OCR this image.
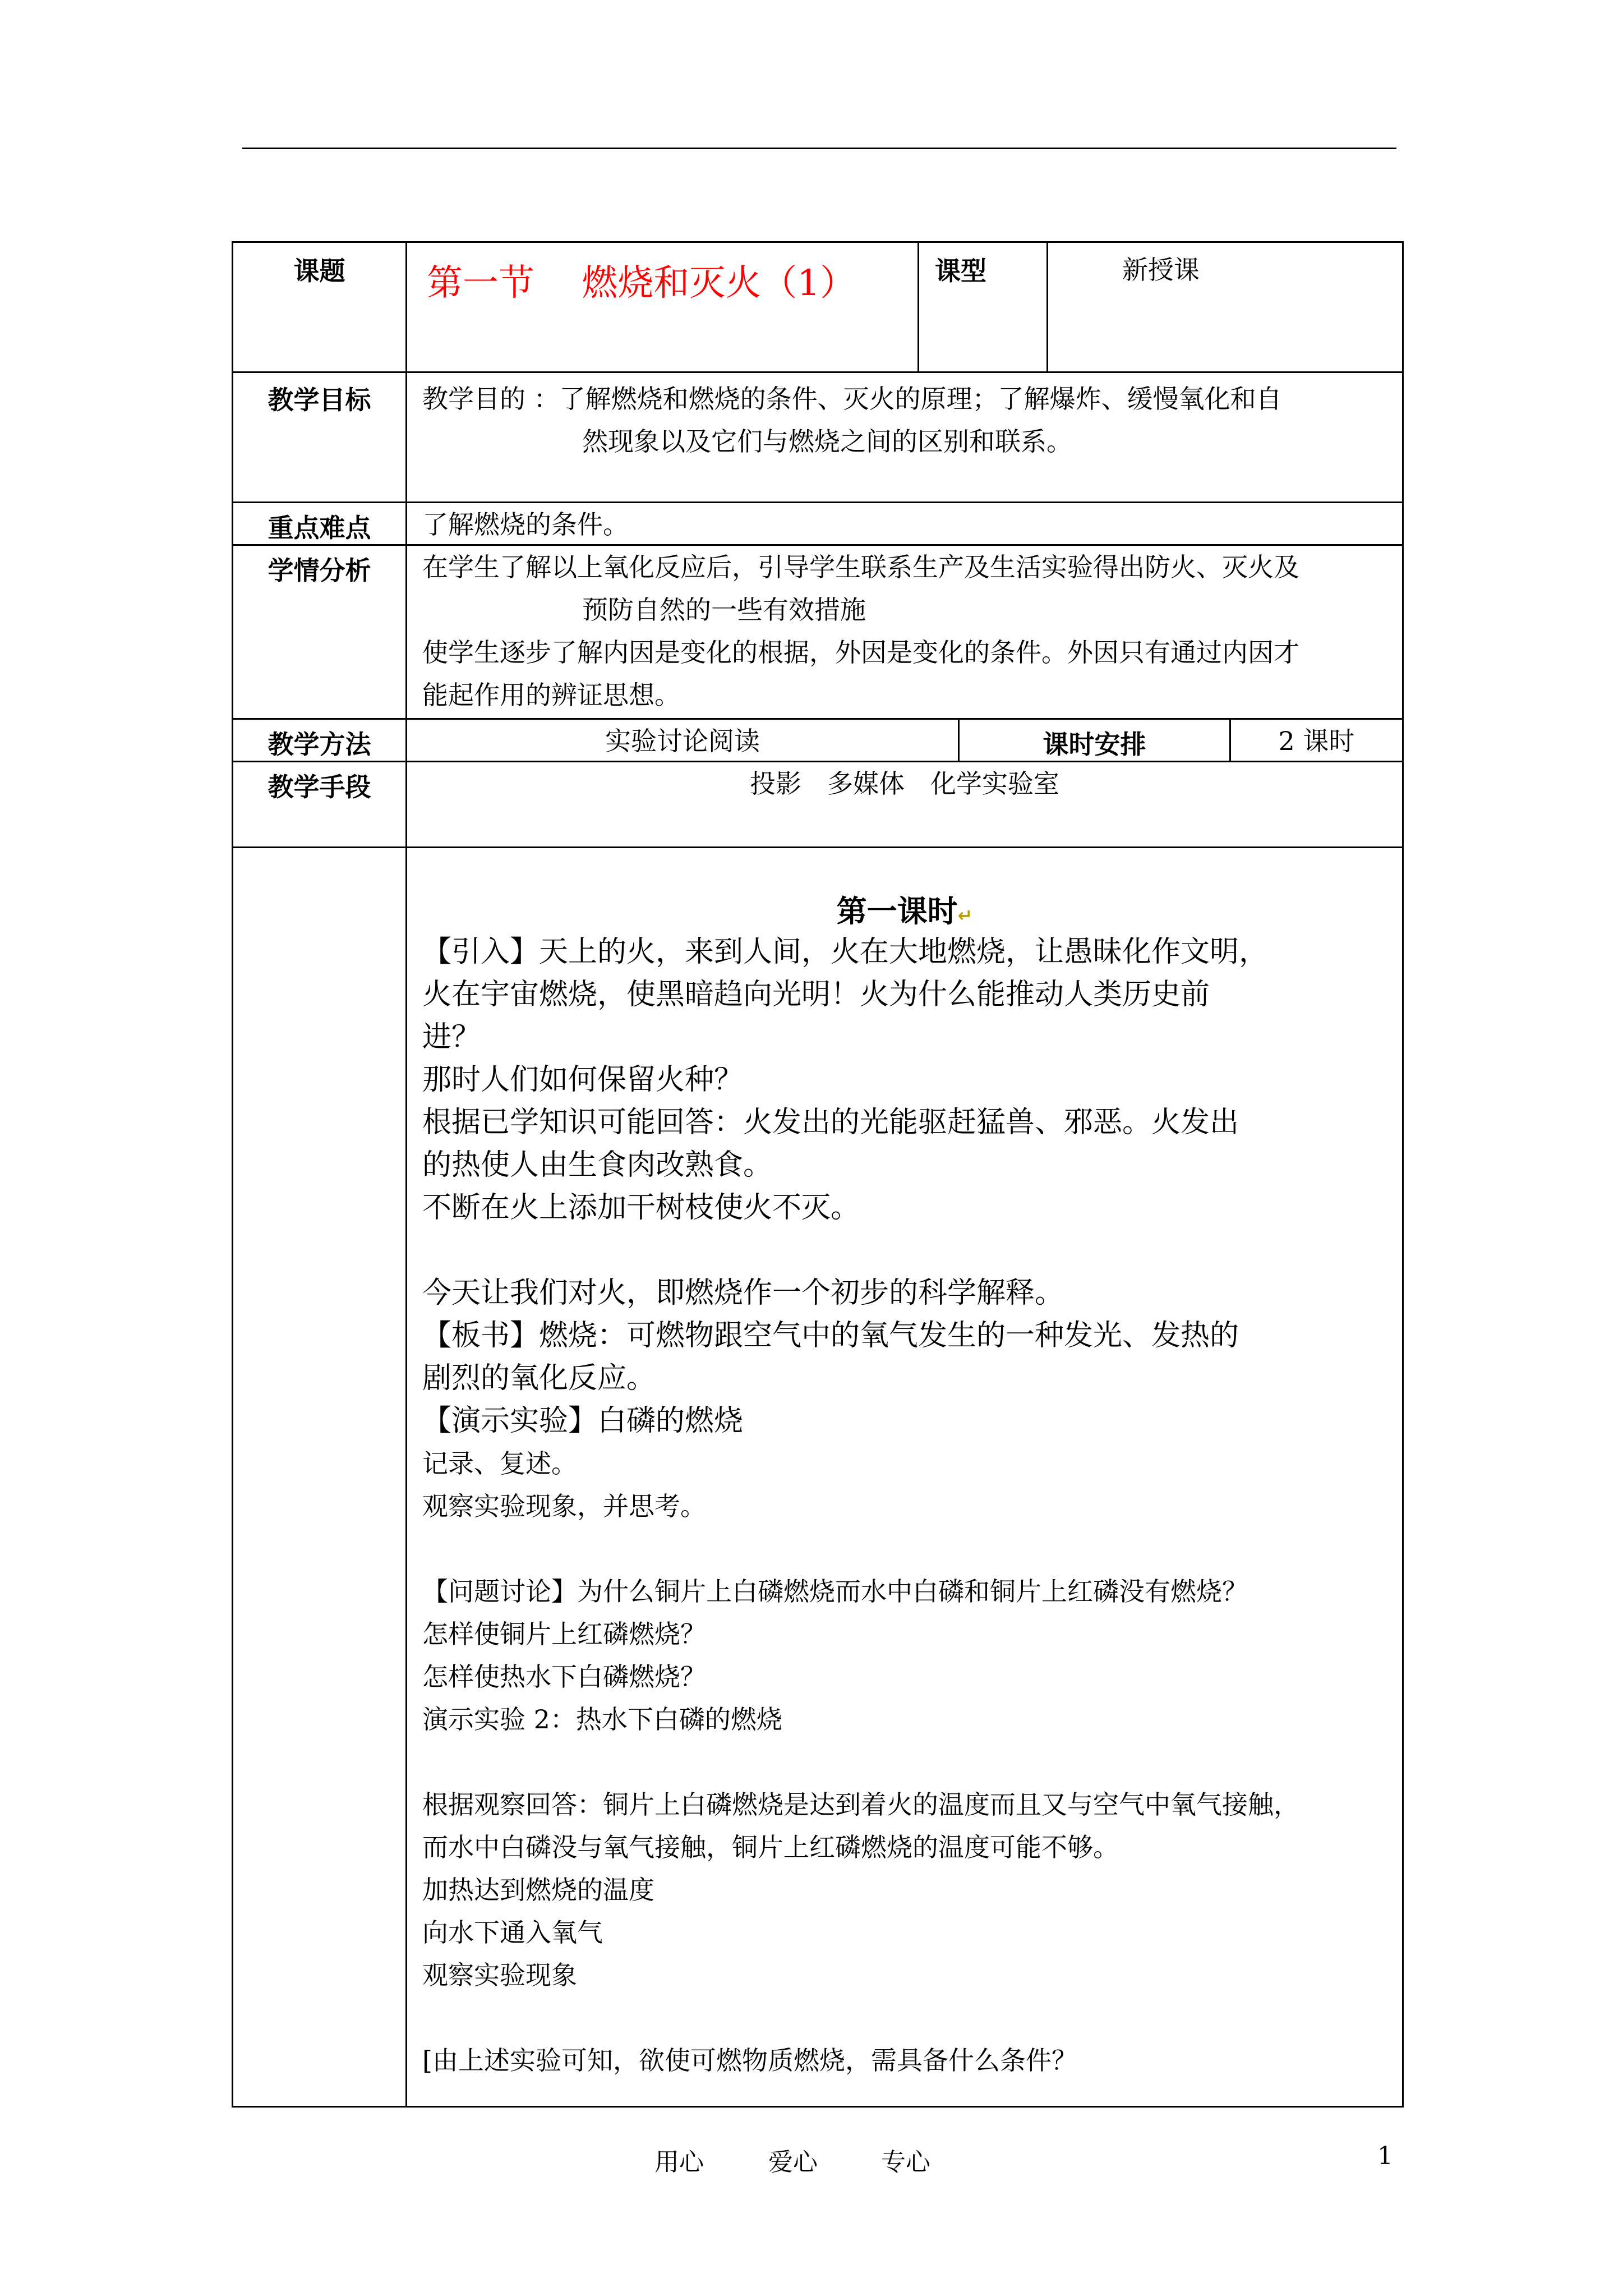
课题	第一节　 燃烧和灭火（1）	课型	新授课
教学目标	教学目的 ：了解燃烧和燃烧的条件、灭火的原理；了解爆炸、缓慢氧化和自

然现象以及它们与燃烧之间的区别和联系。

重点难点	了解燃烧的条件。
学情分析	在学生了解以上氧化反应后，引导学生联系生产及生活实验得出防火、灭火及

预防自然的一些有效措施

使学生逐步了解内因是变化的根据，外因是变化的条件。外因只有通过内因才

能起作用的辨证思想。

教学方法	实验讨论阅读	课时安排	2 课时
教学手段	投影　多媒体　化学实验室
第一课时↵
【引入】天上的火，来到人间，火在大地燃烧，让愚昧化作文明，
火在宇宙燃烧，使黑暗趋向光明！火为什么能推动人类历史前
进？
那时人们如何保留火种？
根据已学知识可能回答：火发出的光能驱赶猛兽、邪恶。火发出
的热使人由生食肉改熟食。
不断在火上添加干树枝使火不灭。
今天让我们对火，即燃烧作一个初步的科学解释。
【板书】燃烧：可燃物跟空气中的氧气发生的一种发光、发热的
剧烈的氧化反应。
【演示实验】白磷的燃烧
记录、复述。
观察实验现象，并思考。
【问题讨论】为什么铜片上白磷燃烧而水中白磷和铜片上红磷没有燃烧？
怎样使铜片上红磷燃烧？
怎样使热水下白磷燃烧？
演示实验 2：热水下白磷的燃烧
根据观察回答：铜片上白磷燃烧是达到着火的温度而且又与空气中氧气接触，
而水中白磷没与氧气接触，铜片上红磷燃烧的温度可能不够。
加热达到燃烧的温度
向水下通入氧气
观察实验现象
[由上述实验可知，欲使可燃物质燃烧，需具备什么条件？
用心	爱心	专心	1
